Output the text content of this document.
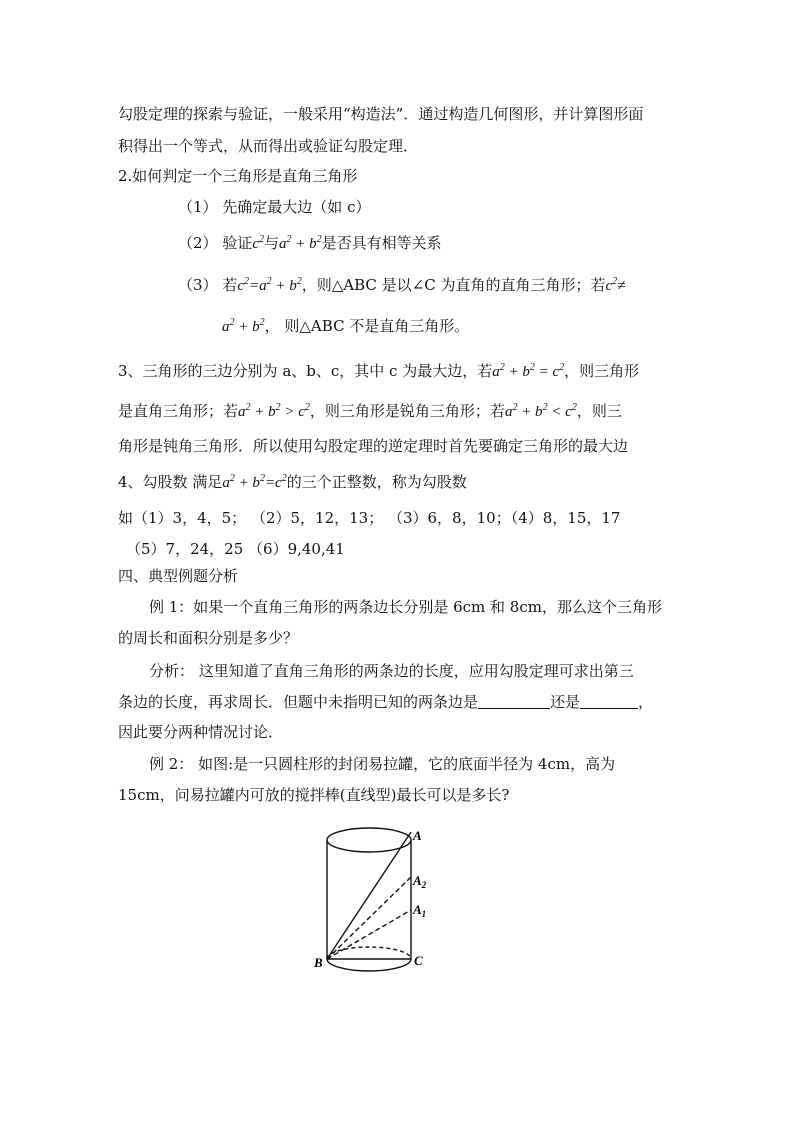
勾股定理的探索与验证，一般采用“构造法”．通过构造几何图形，并计算图形面
积得出一个等式，从而得出或验证勾股定理．
2.如何判定一个三角形是直角三角形
（1） 先确定最大边（如 c）
（2） 验证$c^2$与$a^2 + b^2$是否具有相等关系
（3） 若$c^2=a^2 + b^2$，则△ABC 是以∠C 为直角的直角三角形；若$c^2\ne$
$a^2 + b^2$， 则△ABC 不是直角三角形。
3、三角形的三边分别为 a、b、c，其中 c 为最大边，若$a^2 + b^2 = c^2$，则三角形
是直角三角形；若$a^2 + b^2 > c^2$，则三角形是锐角三角形；若$a^2 + b^2 < c^2$，则三
角形是钝角三角形．所以使用勾股定理的逆定理时首先要确定三角形的最大边
4、勾股数 满足$a^2 + b^2=c^2$的三个正整数，称为勾股数
如（1）3，4，5； （2）5，12，13； （3）6，8，10；（4）8，15，17
（5）7，24，25 （6）9,40,41
四、典型例题分析
例 1：如果一个直角三角形的两条边长分别是 6cm 和 8cm，那么这个三角形
的周长和面积分别是多少？
分析： 这里知道了直角三角形的两条边的长度，应用勾股定理可求出第三
条边的长度，再求周长．但题中未指明已知的两条边是	还是	，
因此要分两种情况讨论．
例 2： 如图:是一只圆柱形的封闭易拉罐，它的底面半径为 4cm，高为
15cm，问易拉罐内可放的搅拌棒(直线型)最长可以是多长?
A
$A_2$
$A_1$
B	C
